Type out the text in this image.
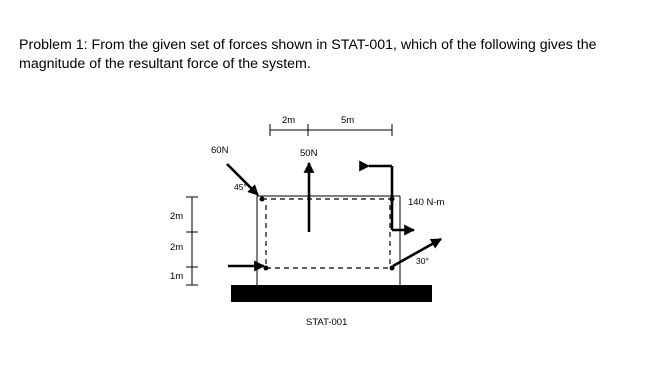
Problem 1: From the given set of forces shown in STAT-001, which of the following gives the magnitude of the resultant force of the system.

2m	5m
2m
2m
1m
60N
45°
50N
140 N-m
30°
STAT-001
